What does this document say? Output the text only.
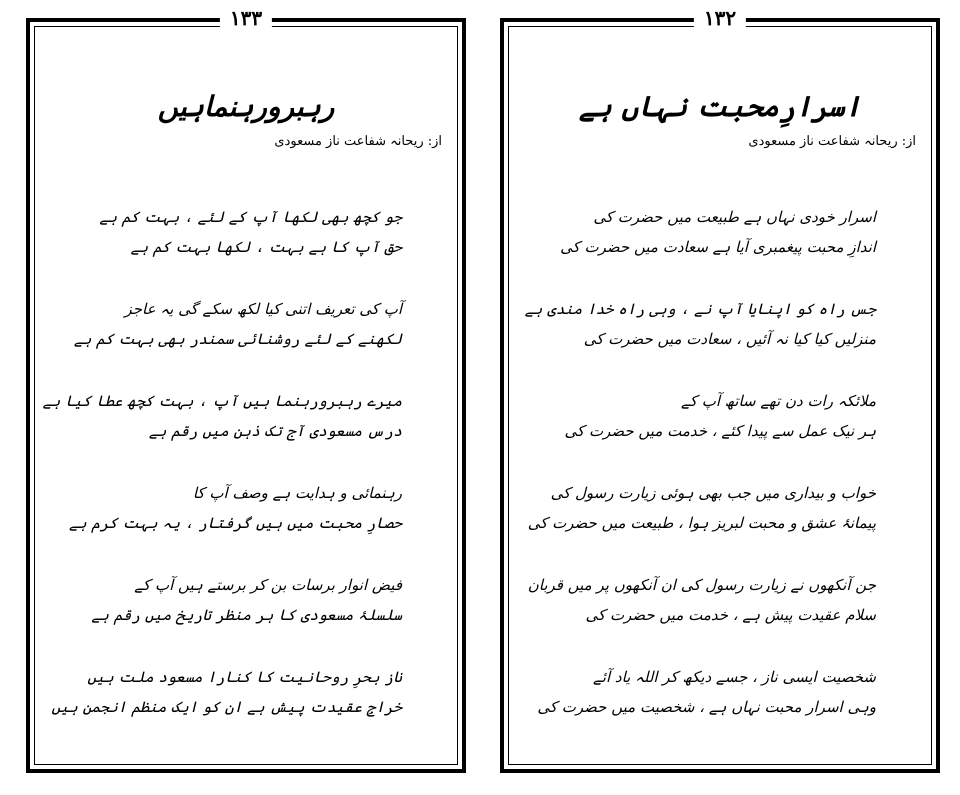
۱۳۳
رہبرورہنماہیں
از: ریحانہ شفاعت ناز مسعودی
جو کچھ بھی لکھا آپ کے لئے ، بہت کم ہے
حق آپ کا ہے بہت ، لکھا بہت کم ہے
آپ کی تعریف اتنی کیا لکھ سکے گی یہ عاجز
لکھنے کے لئے روشنائی سمندر بھی بہت کم ہے
میرے رہبرورہنما ہیں آپ ، بہت کچھ عطا کیا ہے
درس مسعودی آج تک ذہن میں رقم ہے
رہنمائی و ہدایت ہے وصف آپ کا
حصارِ محبت میں ہیں گرفتار ، یہ بہت کرم ہے
فیض انوار برسات بن کر برستے ہیں آپ کے
سلسلۂ مسعودی کا ہر منظر تاریخ میں رقم ہے
ناز بحرِ روحانیت کا کنارا مسعود ملت ہیں
خراجِ عقیدت پیش ہے ان کو ایک منظم انجمن ہیں
۱۳۲
اسرارِمحبت نہاں ہے
از: ریحانہ شفاعت ناز مسعودی
اسرار خودی نہاں ہے طبیعت میں حضرت کی
اندازِ محبت پیغمبری آیا ہے سعادت میں حضرت کی
جس راہ کو اپنایا آپ نے ، وہی راہ خدا مندی ہے
منزلیں کیا کیا نہ آئیں ، سعادت میں حضرت کی
ملائکہ رات دن تھے ساتھ آپ کے
ہر نیک عمل سے پیدا کئے ، خدمت میں حضرت کی
خواب و بیداری میں جب بھی ہوئی زیارت رسول کی
پیمانۂ عشق و محبت لبریز ہوا ، طبیعت میں حضرت کی
جن آنکھوں نے زیارت رسول کی ان آنکھوں پر میں قربان
سلام عقیدت پیش ہے ، خدمت میں حضرت کی
شخصیت ایسی ناز ، جسے دیکھ کر اللہ یاد آئے
وہی اسرار محبت نہاں ہے ، شخصیت میں حضرت کی
